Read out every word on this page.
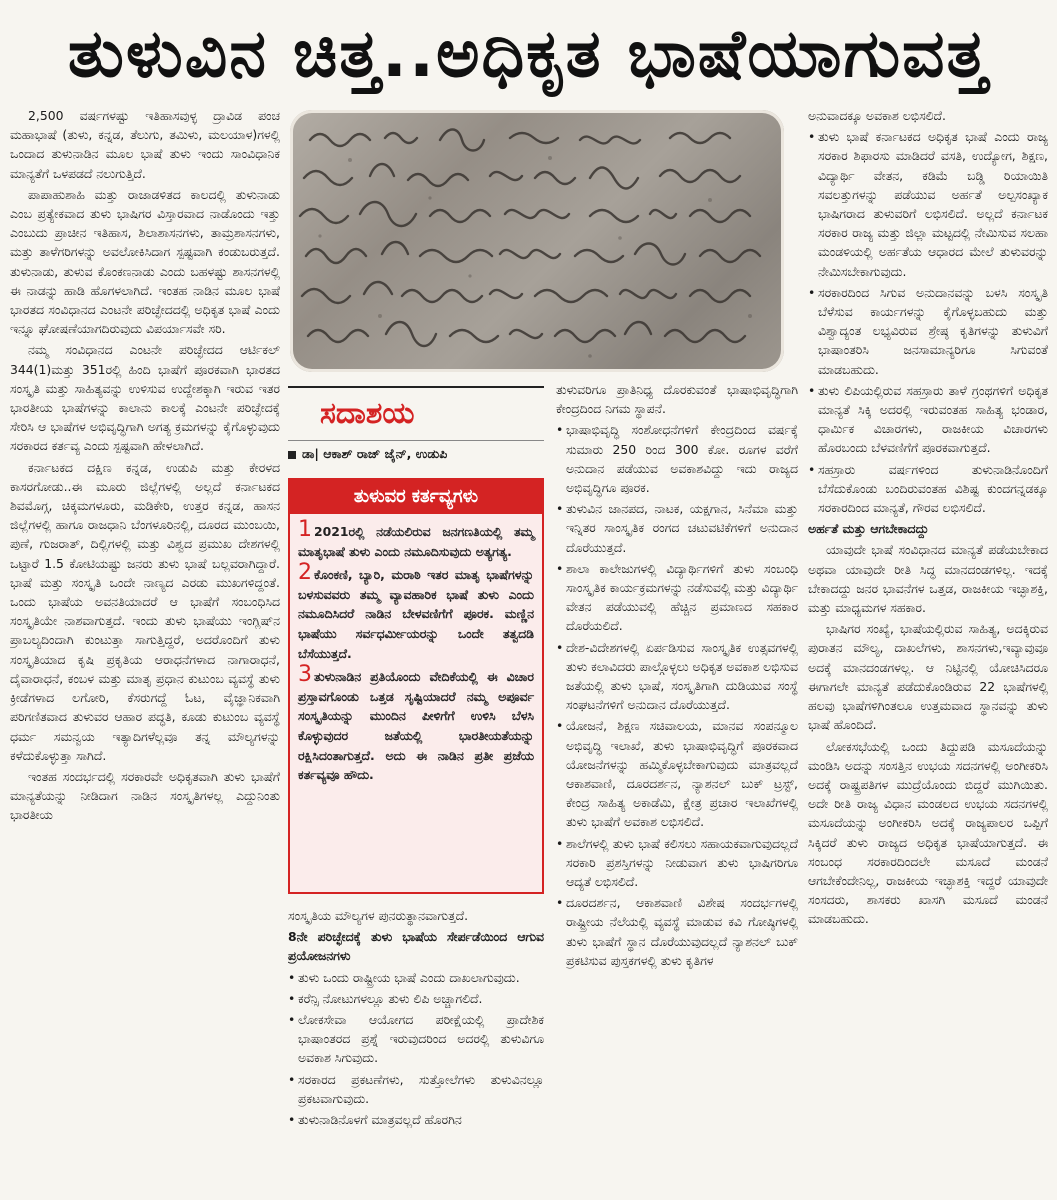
ತುಳುವಿನ ಚಿತ್ತ..ಅಧಿಕೃತ ಭಾಷೆಯಾಗುವತ್ತ

2,500 ವರ್ಷಗಳಷ್ಟು ಇತಿಹಾಸವುಳ್ಳ ದ್ರಾವಿಡ ಪಂಚ ಮಹಾಭಾಷೆ (ತುಳು, ಕನ್ನಡ, ತೆಲುಗು, ತಮಿಳು, ಮಲಯಾಳ)ಗಳಲ್ಲಿ ಒಂದಾದ ತುಳುನಾಡಿನ ಮೂಲ ಭಾಷೆ ತುಳು ಇಂದು ಸಾಂವಿಧಾನಿಕ ಮಾನ್ಯತೆಗೆ ಒಳಪಡದೆ ನಲುಗುತ್ತಿದೆ.

ಪಾಪಾಹುಶಾಹಿ ಮತ್ತು ರಾಜಾಡಳಿತದ ಕಾಲದಲ್ಲಿ ತುಳುನಾಡು ಎಂಬ ಪ್ರತ್ಯೇಕವಾದ ತುಳು ಭಾಷಿಗರ ವಿಸ್ತಾರವಾದ ನಾಡೊಂದು ಇತ್ತು ಎಂಬುದು ಪ್ರಾಚೀನ ಇತಿಹಾಸ, ಶಿಲಾಶಾಸನಗಳು, ತಾಮ್ರಶಾಸನಗಳು, ಮತ್ತು ತಾಳೆಗರಿಗಳನ್ನು ಅವಲೋಕಿಸಿದಾಗ ಸ್ಪಷ್ಟವಾಗಿ ಕಂಡುಬರುತ್ತದೆ. ತುಳುನಾಡು, ತುಳುವ ಕೊಂಕಣನಾಡು ಎಂದು ಬಹಳಷ್ಟು ಶಾಸನಗಳಲ್ಲಿ ಈ ನಾಡನ್ನು ಹಾಡಿ ಹೊಗಳಲಾಗಿದೆ. ಇಂತಹ ನಾಡಿನ ಮೂಲ ಭಾಷೆ ಭಾರತದ ಸಂವಿಧಾನದ ಎಂಟನೇ ಪರಿಚ್ಛೇದದಲ್ಲಿ ಅಧಿಕೃತ ಭಾಷೆ ಎಂದು ಇನ್ನೂ ಘೋಷಣೆಯಾಗದಿರುವುದು ವಿಪರ್ಯಾಸವೇ ಸರಿ.

ನಮ್ಮ ಸಂವಿಧಾನದ ಎಂಟನೇ ಪರಿಚ್ಛೇದದ ಆರ್ಟಿಕಲ್ 344(1)ಮತ್ತು 351ರಲ್ಲಿ ಹಿಂದಿ ಭಾಷೆಗೆ ಪೂರಕವಾಗಿ ಭಾರತದ ಸಂಸ್ಕೃತಿ ಮತ್ತು ಸಾಹಿತ್ಯವನ್ನು ಉಳಿಸುವ ಉದ್ದೇಶಕ್ಕಾಗಿ ಇರುವ ಇತರ ಭಾರತೀಯ ಭಾಷೆಗಳನ್ನು ಕಾಲಾನು ಕಾಲಕ್ಕೆ ಎಂಟನೇ ಪರಿಚ್ಛೇದಕ್ಕೆ ಸೇರಿಸಿ ಆ ಭಾಷೆಗಳ ಅಭಿವೃದ್ಧಿಗಾಗಿ ಅಗತ್ಯ ಕ್ರಮಗಳನ್ನು ಕೈಗೊಳ್ಳುವುದು ಸರಕಾರದ ಕರ್ತವ್ಯ ಎಂದು ಸ್ಪಷ್ಟವಾಗಿ ಹೇಳಲಾಗಿದೆ.

ಕರ್ನಾಟಕದ ದಕ್ಷಿಣ ಕನ್ನಡ, ಉಡುಪಿ ಮತ್ತು ಕೇರಳದ ಕಾಸರಗೋಡು..ಈ ಮೂರು ಜಿಲ್ಲೆಗಳಲ್ಲಿ ಅಲ್ಲದೆ ಕರ್ನಾಟಕದ ಶಿವಮೊಗ್ಗ, ಚಿಕ್ಕಮಗಳೂರು, ಮಡಿಕೇರಿ, ಉತ್ತರ ಕನ್ನಡ, ಹಾಸನ ಜಿಲ್ಲೆಗಳಲ್ಲಿ ಹಾಗೂ ರಾಜಧಾನಿ ಬೆಂಗಳೂರಿನಲ್ಲಿ, ದೂರದ ಮುಂಬಯಿ, ಪುಣೆ, ಗುಜರಾತ್, ದಿಲ್ಲಿಗಳಲ್ಲಿ ಮತ್ತು ವಿಶ್ವದ ಪ್ರಮುಖ ದೇಶಗಳಲ್ಲಿ ಒಟ್ಟಾರೆ 1.5 ಕೋಟಿಯಷ್ಟು ಜನರು ತುಳು ಭಾಷೆ ಬಲ್ಲವರಾಗಿದ್ದಾರೆ. ಭಾಷೆ ಮತ್ತು ಸಂಸ್ಕೃತಿ ಒಂದೇ ನಾಣ್ಯದ ಎರಡು ಮುಖಗಳಿದ್ದಂತೆ. ಒಂದು ಭಾಷೆಯ ಅವನತಿಯಾದರೆ ಆ ಭಾಷೆಗೆ ಸಂಬಂಧಿಸಿದ ಸಂಸ್ಕೃತಿಯೇ ನಾಶವಾಗುತ್ತದೆ. ಇಂದು ತುಳು ಭಾಷೆಯು ಇಂಗ್ಲಿಷ್‌ನ ಪ್ರಾಬಲ್ಯದಿಂದಾಗಿ ಕುಂಟುತ್ತಾ ಸಾಗುತ್ತಿದ್ದರೆ, ಅದರೊಂದಿಗೆ ತುಳು ಸಂಸ್ಕೃತಿಯಾದ ಕೃಷಿ ಪ್ರಕೃತಿಯ ಆರಾಧನೆಗಳಾದ ನಾಗಾರಾಧನೆ, ದೈವಾರಾಧನೆ, ಕಂಬಳ ಮತ್ತು ಮಾತೃ ಪ್ರಧಾನ ಕುಟುಂಬ ವ್ಯವಸ್ಥೆ ತುಳು ಕ್ರೀಡೆಗಳಾದ ಲಗೋರಿ, ಕೆಸರುಗದ್ದೆ ಓಟ, ವೈಜ್ಞಾನಿಕವಾಗಿ ಪರಿಗಣಿತವಾದ ತುಳುವರ ಆಹಾರ ಪದ್ಧತಿ, ಕೂಡು ಕುಟುಂಬ ವ್ಯವಸ್ಥೆ ಧರ್ಮ ಸಮನ್ವಯ ಇತ್ಯಾದಿಗಳೆಲ್ಲವೂ ತನ್ನ ಮೌಲ್ಯಗಳನ್ನು ಕಳೆದುಕೊಳ್ಳುತ್ತಾ ಸಾಗಿದೆ.

ಇಂತಹ ಸಂದರ್ಭದಲ್ಲಿ ಸರಕಾರವೇ ಅಧಿಕೃತವಾಗಿ ತುಳು ಭಾಷೆಗೆ ಮಾನ್ಯತೆಯನ್ನು ನೀಡಿದಾಗ ನಾಡಿನ ಸಂಸ್ಕೃತಿಗಳಲ್ಲ ಎದ್ದುನಿಂತು ಭಾರತೀಯ

ಸದಾಶಯ
ಡಾ| ಆಕಾಶ್ ರಾಜ್ ಜೈನ್, ಉಡುಪಿ
ತುಳುವರ ಕರ್ತವ್ಯಗಳು
1 2021ರಲ್ಲಿ ನಡೆಯಲಿರುವ ಜನಗಣತಿಯಲ್ಲಿ ತಮ್ಮ ಮಾತೃಭಾಷೆ ತುಳು ಎಂದು ನಮೂದಿಸುವುದು ಅತ್ಯಗತ್ಯ.
2 ಕೊಂಕಣಿ, ಬ್ಯಾರಿ, ಮರಾಠಿ ಇತರ ಮಾತೃ ಭಾಷೆಗಳನ್ನು ಬಳಸುವವರು ತಮ್ಮ ವ್ಯಾವಹಾರಿಕ ಭಾಷೆ ತುಳು ಎಂದು ನಮೂದಿಸಿದರೆ ನಾಡಿನ ಬೇಳವಣಿಗೆಗೆ ಪೂರಕ. ಮಣ್ಣಿನ ಭಾಷೆಯು ಸರ್ವಧರ್ಮೀಯರನ್ನು ಒಂದೇ ತತ್ವದಡಿ ಬೆಸೆಯುತ್ತದೆ.
3 ತುಳುನಾಡಿನ ಪ್ರತಿಯೊಂದು ವೇದಿಕೆಯಲ್ಲಿ ಈ ವಿಚಾರ ಪ್ರಸ್ತಾವಗೊಂಡು ಒತ್ತಡ ಸೃಷ್ಟಿಯಾದರೆ ನಮ್ಮ ಅಪೂರ್ವ ಸಂಸ್ಕೃತಿಯನ್ನು ಮುಂದಿನ ಪೀಳಿಗೆಗೆ ಉಳಿಸಿ ಬೆಳಸಿ ಕೊಳ್ಳುವುದರ ಜತೆಯಲ್ಲಿ ಭಾರತೀಯತೆಯನ್ನು ರಕ್ಷಿಸಿದಂತಾಗುತ್ತದೆ. ಅದು ಈ ನಾಡಿನ ಪ್ರತೀ ಪ್ರಜೆಯ ಕರ್ತವ್ಯವೂ ಹೌದು.

ಸಂಸ್ಕೃತಿಯ ಮೌಲ್ಯಗಳ ಪುನರುತ್ಥಾನವಾಗುತ್ತದೆ.

8ನೇ ಪರಿಚ್ಛೇದಕ್ಕೆ ತುಳು ಭಾಷೆಯ ಸೇರ್ಪಡೆಯಿಂದ ಆಗುವ ಪ್ರಯೋಜನಗಳು

• ತುಳು ಒಂದು ರಾಷ್ಟ್ರೀಯ ಭಾಷೆ ಎಂದು ದಾಖಲಾಗುವುದು.
• ಕರೆನ್ಸಿ ನೋಟುಗಳಲ್ಲೂ ತುಳು ಲಿಪಿ ಅಚ್ಚಾಗಲಿದೆ.
• ಲೋಕಸೇವಾ ಆಯೋಗದ ಪರೀಕ್ಷೆಯಲ್ಲಿ ಪ್ರಾದೇಶಿಕ ಭಾಷಾಂತರದ ಪ್ರಶ್ನೆ ಇರುವುದರಿಂದ ಅದರಲ್ಲಿ ತುಳುವಿಗೂ ಅವಕಾಶ ಸಿಗುವುದು.
• ಸರಕಾರದ ಪ್ರಕಟಣೆಗಳು, ಸುತ್ತೋಲೆಗಳು ತುಳುವಿನಲ್ಲೂ ಪ್ರಕಟವಾಗುವುದು.
• ತುಳುನಾಡಿನೊಳಗೆ ಮಾತ್ರವಲ್ಲದೆ ಹೊರಗಿನ

ತುಳುವರಿಗೂ ಪ್ರಾತಿನಿಧ್ಯ ದೊರಕುವಂತೆ ಭಾಷಾಭಿವೃದ್ಧಿಗಾಗಿ ಕೇಂದ್ರದಿಂದ ನಿಗಮ ಸ್ಥಾಪನೆ.

• ಭಾಷಾಭಿವೃದ್ಧಿ ಸಂಶೋಧನೆಗಳಿಗೆ ಕೇಂದ್ರದಿಂದ ವರ್ಷಕ್ಕೆ ಸುಮಾರು 250 ರಿಂದ 300 ಕೋ. ರೂಗಳ ವರೆಗೆ ಅನುದಾನ ಪಡೆಯುವ ಅವಕಾಶವಿದ್ದು ಇದು ರಾಜ್ಯದ ಅಭಿವೃದ್ಧಿಗೂ ಪೂರಕ.
• ತುಳುವಿನ ಜಾನಪದ, ನಾಟಕ, ಯಕ್ಷಗಾನ, ಸಿನೆಮಾ ಮತ್ತು ಇನ್ನಿತರ ಸಾಂಸ್ಕೃತಿಕ ರಂಗದ ಚಟುವಟಿಕೆಗಳಿಗೆ ಅನುದಾನ ದೊರೆಯುತ್ತದೆ.
• ಶಾಲಾ ಕಾಲೇಜುಗಳಲ್ಲಿ ವಿದ್ಯಾರ್ಥಿಗಳಿಗೆ ತುಳು ಸಂಬಂಧಿ ಸಾಂಸ್ಕೃತಿಕ ಕಾರ್ಯಕ್ರಮಗಳನ್ನು ನಡೆಸುವಲ್ಲಿ ಮತ್ತು ವಿದ್ಯಾರ್ಥಿ ವೇತನ ಪಡೆಯುವಲ್ಲಿ ಹೆಚ್ಚಿನ ಪ್ರಮಾಣದ ಸಹಕಾರ ದೊರೆಯಲಿದೆ.
• ದೇಶ-ವಿದೇಶಗಳಲ್ಲಿ ಏರ್ಪಡಿಸುವ ಸಾಂಸ್ಕೃತಿಕ ಉತ್ಸವಗಳಲ್ಲಿ ತುಳು ಕಲಾವಿದರು ಪಾಲ್ಗೊಳ್ಳಲು ಅಧಿಕೃತ ಅವಕಾಶ ಲಭಿಸುವ ಜತೆಯಲ್ಲಿ ತುಳು ಭಾಷೆ, ಸಂಸ್ಕೃತಿಗಾಗಿ ದುಡಿಯುವ ಸಂಸ್ಥೆ ಸಂಘಟನೆಗಳಿಗೆ ಅನುದಾನ ದೊರೆಯುತ್ತದೆ.
• ಯೋಜನೆ, ಶಿಕ್ಷಣ ಸಚಿವಾಲಯ, ಮಾನವ ಸಂಪನ್ಮೂಲ ಅಭಿವೃದ್ಧಿ ಇಲಾಖೆ, ತುಳು ಭಾಷಾಭಿವೃದ್ಧಿಗೆ ಪೂರಕವಾದ ಯೋಜನೆಗಳನ್ನು ಹಮ್ಮಿಕೊಳ್ಳಬೇಕಾಗುವುದು ಮಾತ್ರವಲ್ಲದೆ ಆಕಾಶವಾಣಿ, ದೂರದರ್ಶನ, ನ್ಯಾಶನಲ್ ಬುಕ್ ಟ್ರಸ್ಟ್, ಕೇಂದ್ರ ಸಾಹಿತ್ಯ ಅಕಾಡೆಮಿ, ಕ್ಷೇತ್ರ ಪ್ರಚಾರ ಇಲಾಖೆಗಳಲ್ಲಿ ತುಳು ಭಾಷೆಗೆ ಅವಕಾಶ ಲಭಿಸಲಿದೆ.
• ಶಾಲೆಗಳಲ್ಲಿ ತುಳು ಭಾಷೆ ಕಲಿಸಲು ಸಹಾಯಕವಾಗುವುದಲ್ಲದೆ ಸರಕಾರಿ ಪ್ರಶಸ್ತಿಗಳನ್ನು ನೀಡುವಾಗ ತುಳು ಭಾಷಿಗರಿಗೂ ಆದ್ಯತೆ ಲಭಿಸಲಿದೆ.
• ದೂರದರ್ಶನ, ಆಕಾಶವಾಣಿ ವಿಶೇಷ ಸಂದರ್ಭಗಳಲ್ಲಿ ರಾಷ್ಟ್ರೀಯ ನೆಲೆಯಲ್ಲಿ ವ್ಯವಸ್ಥೆ ಮಾಡುವ ಕವಿ ಗೋಷ್ಠಿಗಳಲ್ಲಿ ತುಳು ಭಾಷೆಗೆ ಸ್ಥಾನ ದೊರೆಯುವುದಲ್ಲದೆ ನ್ಯಾಶನಲ್ ಬುಕ್ ಪ್ರಕಟಿಸುವ ಪುಸ್ತಕಗಳಲ್ಲಿ ತುಳು ಕೃತಿಗಳ

ಅನುವಾದಕ್ಕೂ ಅವಕಾಶ ಲಭಿಸಲಿದೆ.

• ತುಳು ಭಾಷೆ ಕರ್ನಾಟಕದ ಅಧಿಕೃತ ಭಾಷೆ ಎಂದು ರಾಜ್ಯ ಸರಕಾರ ಶಿಫಾರಸು ಮಾಡಿದರೆ ವಸತಿ, ಉದ್ಯೋಗ, ಶಿಕ್ಷಣ, ವಿದ್ಯಾರ್ಥಿ ವೇತನ, ಕಡಿಮೆ ಬಡ್ಡಿ ರಿಯಾಯಿತಿ ಸವಲತ್ತುಗಳನ್ನು ಪಡೆಯುವ ಅರ್ಹತೆ ಅಲ್ಪಸಂಖ್ಯಾಕ ಭಾಷಿಗರಾದ ತುಳುವರಿಗೆ ಲಭಿಸಲಿದೆ. ಅಲ್ಲದೆ ಕರ್ನಾಟಕ ಸರಕಾರ ರಾಜ್ಯ ಮತ್ತು ಜಿಲ್ಲಾ ಮಟ್ಟದಲ್ಲಿ ನೇಮಿಸುವ ಸಲಹಾ ಮಂಡಳಿಯಲ್ಲಿ ಅರ್ಹತೆಯ ಆಧಾರದ ಮೇಲೆ ತುಳುವರನ್ನು ನೇಮಿಸಬೇಕಾಗುವುದು.
• ಸರಕಾರದಿಂದ ಸಿಗುವ ಅನುದಾನವನ್ನು ಬಳಸಿ ಸಂಸ್ಕೃತಿ ಬೆಳೆಸುವ ಕಾರ್ಯಗಳನ್ನು ಕೈಗೊಳ್ಳಬಹುದು ಮತ್ತು ವಿಶ್ವಾದ್ಯಂತ ಲಭ್ಯವಿರುವ ಶ್ರೇಷ್ಠ ಕೃತಿಗಳನ್ನು ತುಳುವಿಗೆ ಭಾಷಾಂತರಿಸಿ ಜನಸಾಮಾನ್ಯರಿಗೂ ಸಿಗುವಂತೆ ಮಾಡಬಹುದು.
• ತುಳು ಲಿಪಿಯಲ್ಲಿರುವ ಸಹಸ್ರಾರು ತಾಳೆ ಗ್ರಂಥಗಳಿಗೆ ಅಧಿಕೃತ ಮಾನ್ಯತೆ ಸಿಕ್ಕಿ ಅದರಲ್ಲಿ ಇರುವಂತಹ ಸಾಹಿತ್ಯ ಭಂಡಾರ, ಧಾರ್ಮಿಕ ವಿಚಾರಗಳು, ರಾಜಕೀಯ ವಿಚಾರಗಳು ಹೊರಬಂದು ಬೆಳವಣಿಗೆಗೆ ಪೂರಕವಾಗುತ್ತದೆ.
• ಸಹಸ್ರಾರು ವರ್ಷಗಳಿಂದ ತುಳುನಾಡಿನೊಂದಿಗೆ ಬೆಸೆದುಕೊಂಡು ಬಂದಿರುವಂತಹ ವಿಶಿಷ್ಟ ಕುಂದಗನ್ನಡಕ್ಕೂ ಸರಕಾರದಿಂದ ಮಾನ್ಯತೆ, ಗೌರವ ಲಭಿಸಲಿದೆ.

ಅರ್ಹತೆ ಮತ್ತು ಆಗಬೇಕಾದದ್ದು

ಯಾವುದೇ ಭಾಷೆ ಸಂವಿಧಾನದ ಮಾನ್ಯತೆ ಪಡೆಯಬೇಕಾದ ಅಥವಾ ಯಾವುದೇ ರೀತಿ ಸಿದ್ಧ ಮಾನದಂಡಗಳಿಲ್ಲ. ಇದಕ್ಕೆ ಬೇಕಾದದ್ದು ಜನರ ಭಾವನೆಗಳ ಒತ್ತಡ, ರಾಜಕೀಯ ಇಚ್ಛಾಶಕ್ತಿ, ಮತ್ತು ಮಾಧ್ಯಮಗಳ ಸಹಕಾರ.

ಭಾಷಿಗರ ಸಂಖ್ಯೆ, ಭಾಷೆಯಲ್ಲಿರುವ ಸಾಹಿತ್ಯ, ಅದಕ್ಕಿರುವ ಪುರಾತನ ಮೌಲ್ಯ, ದಾಖಲೆಗಳು, ಶಾಸನಗಳು,ಇವ್ಯಾವುವೂ ಅದಕ್ಕೆ ಮಾನದಂಡಗಳಲ್ಲ. ಆ ನಿಟ್ಟಿನಲ್ಲಿ ಯೋಚಿಸಿದರೂ ಈಗಾಗಲೇ ಮಾನ್ಯತೆ ಪಡೆದುಕೊಂಡಿರುವ 22 ಭಾಷೆಗಳಲ್ಲಿ ಹಲವು ಭಾಷೆಗಳಿಗಿಂತಲೂ ಉತ್ತಮವಾದ ಸ್ಥಾನವನ್ನು ತುಳು ಭಾಷೆ ಹೊಂದಿದೆ.

ಲೋಕಸಭೆಯಲ್ಲಿ ಒಂದು ತಿದ್ದುಪಡಿ ಮಸೂದೆಯನ್ನು ಮಂಡಿಸಿ ಅದನ್ನು ಸಂಸತ್ತಿನ ಉಭಯ ಸದನಗಳಲ್ಲಿ ಅಂಗೀಕರಿಸಿ ಅದಕ್ಕೆ ರಾಷ್ಟ್ರಪತಿಗಳ ಮುದ್ರೆಯೊಂದು ಬಿದ್ದರೆ ಮುಗಿಯಿತು. ಅದೇ ರೀತಿ ರಾಜ್ಯ ವಿಧಾನ ಮಂಡಲದ ಉಭಯ ಸದನಗಳಲ್ಲಿ ಮಸೂದೆಯನ್ನು ಅಂಗೀಕರಿಸಿ ಅದಕ್ಕೆ ರಾಜ್ಯಪಾಲರ ಒಪ್ಪಿಗೆ ಸಿಕ್ಕಿದರೆ ತುಳು ರಾಜ್ಯದ ಅಧಿಕೃತ ಭಾಷೆಯಾಗುತ್ತದೆ. ಈ ಸಂಬಂಧ ಸರಕಾರದಿಂದಲೇ ಮಸೂದೆ ಮಂಡನೆ ಆಗಬೇಕೆಂದೇನಿಲ್ಲ, ರಾಜಕೀಯ ಇಚ್ಛಾಶಕ್ತಿ ಇದ್ದರೆ ಯಾವುದೇ ಸಂಸದರು, ಶಾಸಕರು ಖಾಸಗಿ ಮಸೂದೆ ಮಂಡನೆ ಮಾಡಬಹುದು.
